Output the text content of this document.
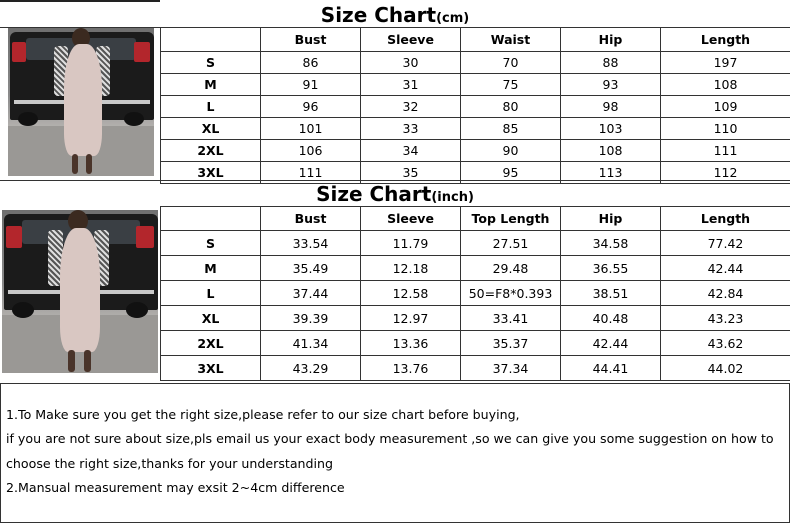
Size Chart(cm)
	Bust	Sleeve	Waist	Hip	Length
S	86	30	70	88	197
M	91	31	75	93	108
L	96	32	80	98	109
XL	101	33	85	103	110
2XL	106	34	90	108	111
3XL	111	35	95	113	112
Size Chart(inch)
	Bust	Sleeve	Top Length	Hip	Length
S	33.54	11.79	27.51	34.58	77.42
M	35.49	12.18	29.48	36.55	42.44
L	37.44	12.58	50=F8*0.393	38.51	42.84
XL	39.39	12.97	33.41	40.48	43.23
2XL	41.34	13.36	35.37	42.44	43.62
3XL	43.29	13.76	37.34	44.41	44.02

1.To Make sure you get the right size,please refer to our size chart before buying,

if you are not sure about size,pls email us your exact body measurement ,so we can give you some suggestion on how to

choose the right size,thanks for your understanding

2.Mansual measurement may exsit 2~4cm difference
